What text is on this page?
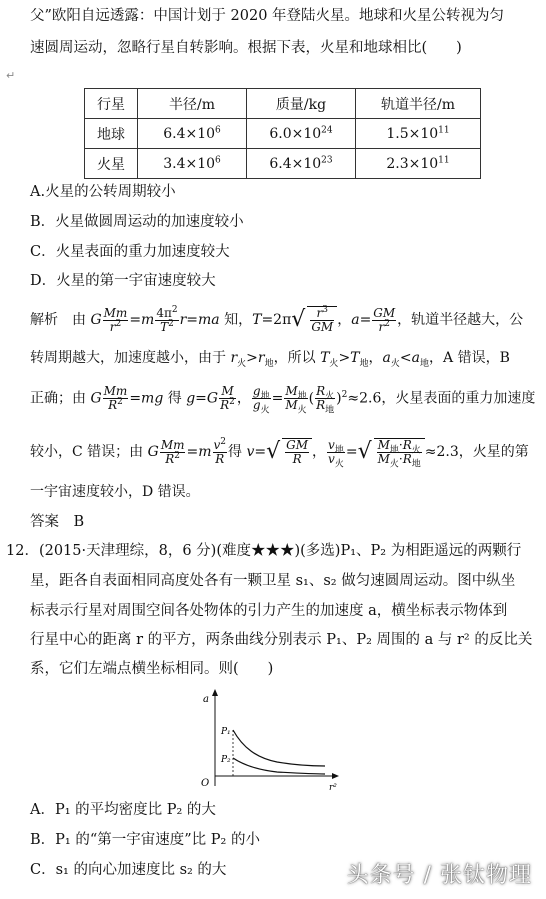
父”欧阳自远透露：中国计划于 2020 年登陆火星。地球和火星公转视为匀
速圆周运动，忽略行星自转影响。根据下表，火星和地球相比(　　)
↵
行星	半径/m	质量/kg	轨道半径/m
地球	$6.4\times 10^6$	$6.0\times 10^{24}$	$1.5\times 10^{11}$
火星	$3.4\times 10^6$	$6.4\times 10^{23}$	$2.3\times 10^{11}$
A.火星的公转周期较小
B．火星做圆周运动的加速度较小
C．火星表面的重力加速度较大
D．火星的第一宇宙速度较大
解析　由 G $\frac{Mm}{r^2} =m \frac{4\pi^2}{T^2} r=ma$ 知，$T=2\pi√ \frac{r^3}{GM}$ ，$a= \frac{GM}{r^2}$ ，轨道半径越大，公
转周期越大，加速度越小，由于 $r_火>r_地$，所以 $T_火>T_地$，$a_火<a_地$，A 错误，B
正确；由 G $\frac{Mm}{R^2} =mg$ 得 $g=G \frac{M}{R^2}$ ， $\frac{g_地}{g_火} = \frac{M_地}{M_火}$ ( $\frac{R_火}{R_地} )^2\approx 2.6$，火星表面的重力加速度
较小，C 错误；由 G $\frac{Mm}{R^2} =m \frac{v^2}{R}$ 得 $v=√ \frac{GM}{R}$ ， $\frac{v_地}{v_火}$ =√ $\frac{M_地\cdot R_火}{M_火\cdot R_地} \approx 2.3$，火星的第
一宇宙速度较小，D 错误。
答案　B
12．(2015·天津理综，8，6 分)(难度★★★)(多选)P₁、P₂ 为相距遥远的两颗行
星，距各自表面相同高度处各有一颗卫星 s₁、s₂ 做匀速圆周运动。图中纵坐
标表示行星对周围空间各处物体的引力产生的加速度 a，横坐标表示物体到
行星中心的距离 r 的平方，两条曲线分别表示 P₁、P₂ 周围的 a 与 r² 的反比关
系，它们左端点横坐标相同。则(　　)
a
O
P₁
P₂
r²
A．P₁ 的平均密度比 P₂ 的大
B．P₁ 的“第一宇宙速度”比 P₂ 的小
C．s₁ 的向心加速度比 s₂ 的大	头条号 / 张钛物理
